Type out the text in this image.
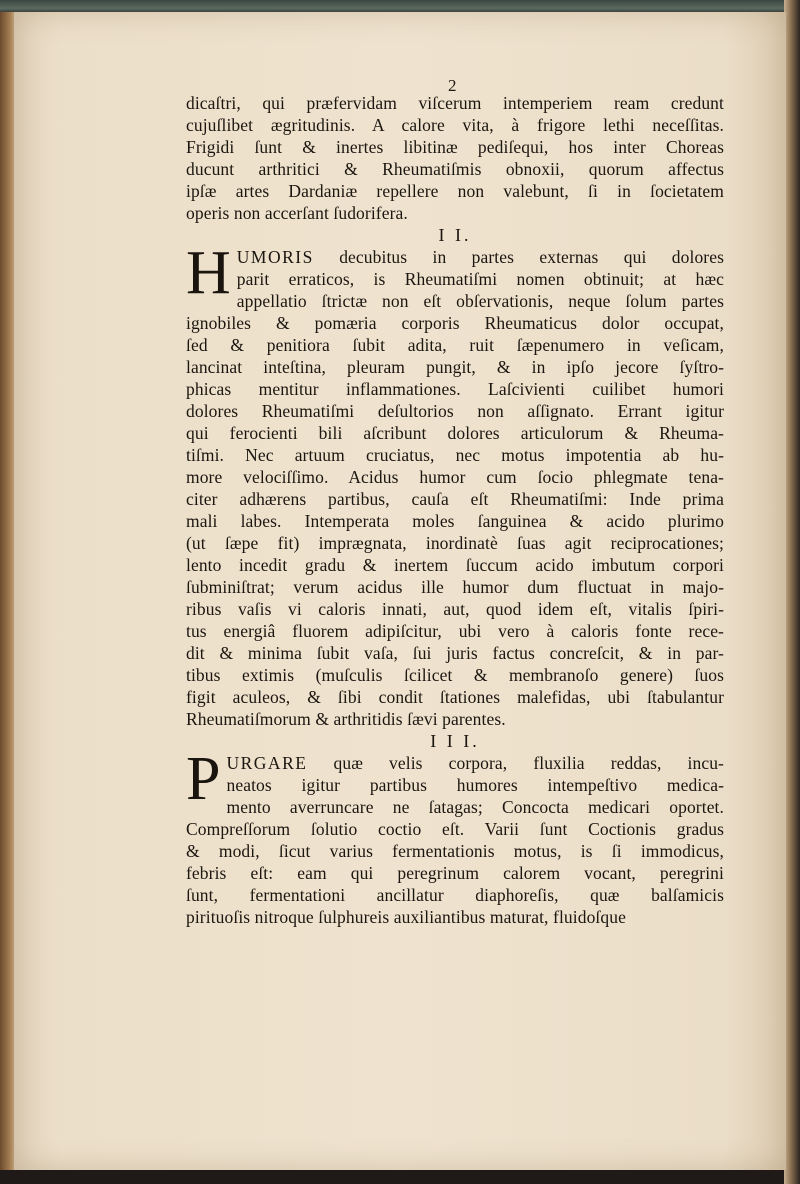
2
dicaſtri, qui præfervidam viſcerum intemperiem ream credunt
cujuſlibet ægritudinis. A calore vita, à frigore lethi neceſſitas.
Frigidi ſunt & inertes libitinæ pediſequi, hos inter Choreas
ducunt arthritici & Rheumatiſmis obnoxii, quorum affectus
ipſæ artes Dardaniæ repellere non valebunt, ſi in ſocietatem
operis non accerſant ſudorifera.
I I.
H UMORIS decubitus in partes externas qui dolores
parit erraticos, is Rheumatiſmi nomen obtinuit; at hæc
appellatio ſtrictæ non eſt obſervationis, neque ſolum partes
ignobiles & pomæria corporis Rheumaticus dolor occupat,
ſed & penitiora ſubit adita, ruit ſæpenumero in veſicam,
lancinat inteſtina, pleuram pungit, & in ipſo jecore ſyſtro-
phicas mentitur inflammationes. Laſcivienti cuilibet humori
dolores Rheumatiſmi deſultorios non aſſignato. Errant igitur
qui ferocienti bili aſcribunt dolores articulorum & Rheuma-
tiſmi. Nec artuum cruciatus, nec motus impotentia ab hu-
more velociſſimo. Acidus humor cum ſocio phlegmate tena-
citer adhærens partibus, cauſa eſt Rheumatiſmi: Inde prima
mali labes. Intemperata moles ſanguinea & acido plurimo
(ut ſæpe fit) imprægnata, inordinatè ſuas agit reciprocationes;
lento incedit gradu & inertem ſuccum acido imbutum corpori
ſubminiſtrat; verum acidus ille humor dum fluctuat in majo-
ribus vaſis vi caloris innati, aut, quod idem eſt, vitalis ſpiri-
tus energiâ fluorem adipiſcitur, ubi vero à caloris fonte rece-
dit & minima ſubit vaſa, ſui juris factus concreſcit, & in par-
tibus extimis (muſculis ſcilicet & membranoſo genere) ſuos
figit aculeos, & ſibi condit ſtationes malefidas, ubi ſtabulantur
Rheumatiſmorum & arthritidis ſævi parentes.
I I I.
P URGARE quæ velis corpora, fluxilia reddas, incu-
neatos igitur partibus humores intempeſtivo medica-
mento averruncare ne ſatagas; Concocta medicari oportet.
Compreſſorum ſolutio coctio eſt. Varii ſunt Coctionis gradus
& modi, ſicut varius fermentationis motus, is ſi immodicus,
febris eſt: eam qui peregrinum calorem vocant, peregrini
ſunt, fermentationi ancillatur diaphoreſis, quæ balſamicis
pirituoſis nitroque ſulphureis auxiliantibus maturat, fluidoſque
